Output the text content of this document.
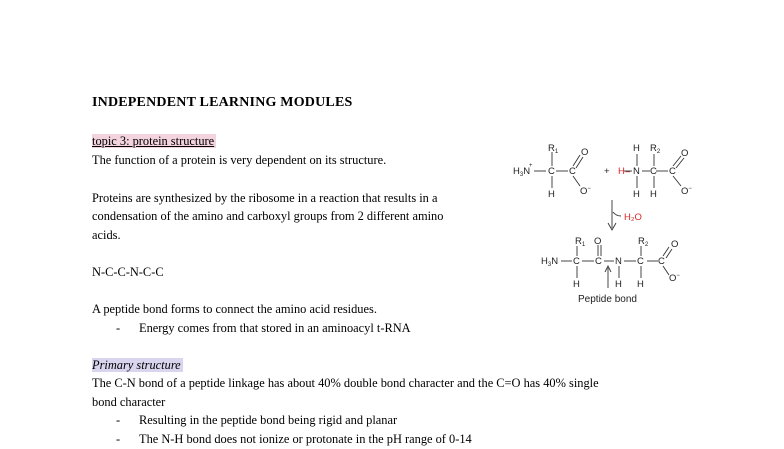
INDEPENDENT LEARNING MODULES
topic 3: protein structure
The function of a protein is very dependent on its structure.
Proteins are synthesized by the ribosome in a reaction that results in a
condensation of the amino and carboxyl groups from 2 different amino
acids.
N-C-C-N-C-C
A peptide bond forms to connect the amino acid residues.
- Energy comes from that stored in an aminoacyl t-RNA
Primary structure
The C-N bond of a peptide linkage has about 40% double bond character and the C=O has 40% single
bond character
- Resulting in the peptide bond being rigid and planar
- The N-H bond does not ionize or protonate in the pH range of 0-14
$R_1$
$H_3N$
+ C C
O
H	O−
+ H − N
H $R_2$
C C
O
H H	O−
H₂O
$R_1$ O	$R_2$ O
$H_3N$ C C N C C
H	H H
O−
Peptide bond
